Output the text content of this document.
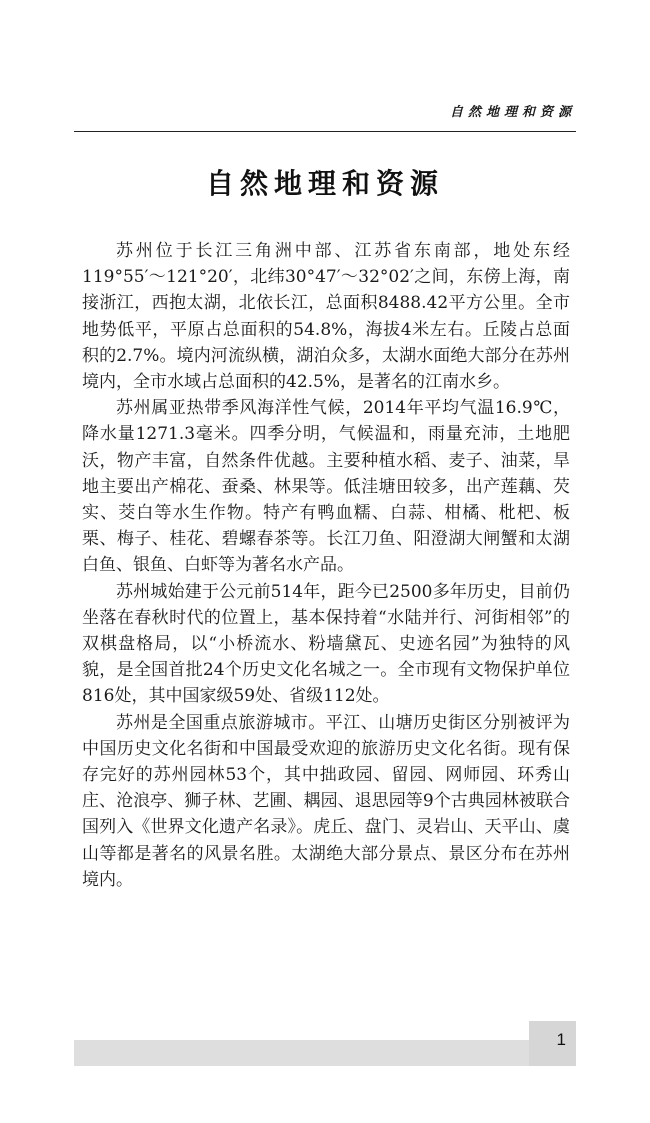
自然地理和资源
自然地理和资源

苏州位于长江三角洲中部、江苏省东南部，地处东经119°55′～121°20′，北纬30°47′～32°02′之间，东傍上海，南接浙江，西抱太湖，北依长江，总面积8488.42平方公里。全市地势低平，平原占总面积的54.8%，海拔4米左右。丘陵占总面积的2.7%。境内河流纵横，湖泊众多，太湖水面绝大部分在苏州境内，全市水域占总面积的42.5%，是著名的江南水乡。

苏州属亚热带季风海洋性气候，2014年平均气温16.9℃，降水量1271.3毫米。四季分明，气候温和，雨量充沛，土地肥沃，物产丰富，自然条件优越。主要种植水稻、麦子、油菜，旱地主要出产棉花、蚕桑、林果等。低洼塘田较多，出产莲藕、芡实、茭白等水生作物。特产有鸭血糯、白蒜、柑橘、枇杷、板栗、梅子、桂花、碧螺春茶等。长江刀鱼、阳澄湖大闸蟹和太湖白鱼、银鱼、白虾等为著名水产品。

苏州城始建于公元前514年，距今已2500多年历史，目前仍坐落在春秋时代的位置上，基本保持着“水陆并行、河街相邻”的双棋盘格局，以“小桥流水、粉墙黛瓦、史迹名园”为独特的风貌，是全国首批24个历史文化名城之一。全市现有文物保护单位816处，其中国家级59处、省级112处。

苏州是全国重点旅游城市。平江、山塘历史街区分别被评为中国历史文化名街和中国最受欢迎的旅游历史文化名街。现有保存完好的苏州园林53个，其中拙政园、留园、网师园、环秀山庄、沧浪亭、狮子林、艺圃、耦园、退思园等9个古典园林被联合国列入《世界文化遗产名录》。虎丘、盘门、灵岩山、天平山、虞山等都是著名的风景名胜。太湖绝大部分景点、景区分布在苏州境内。

1
